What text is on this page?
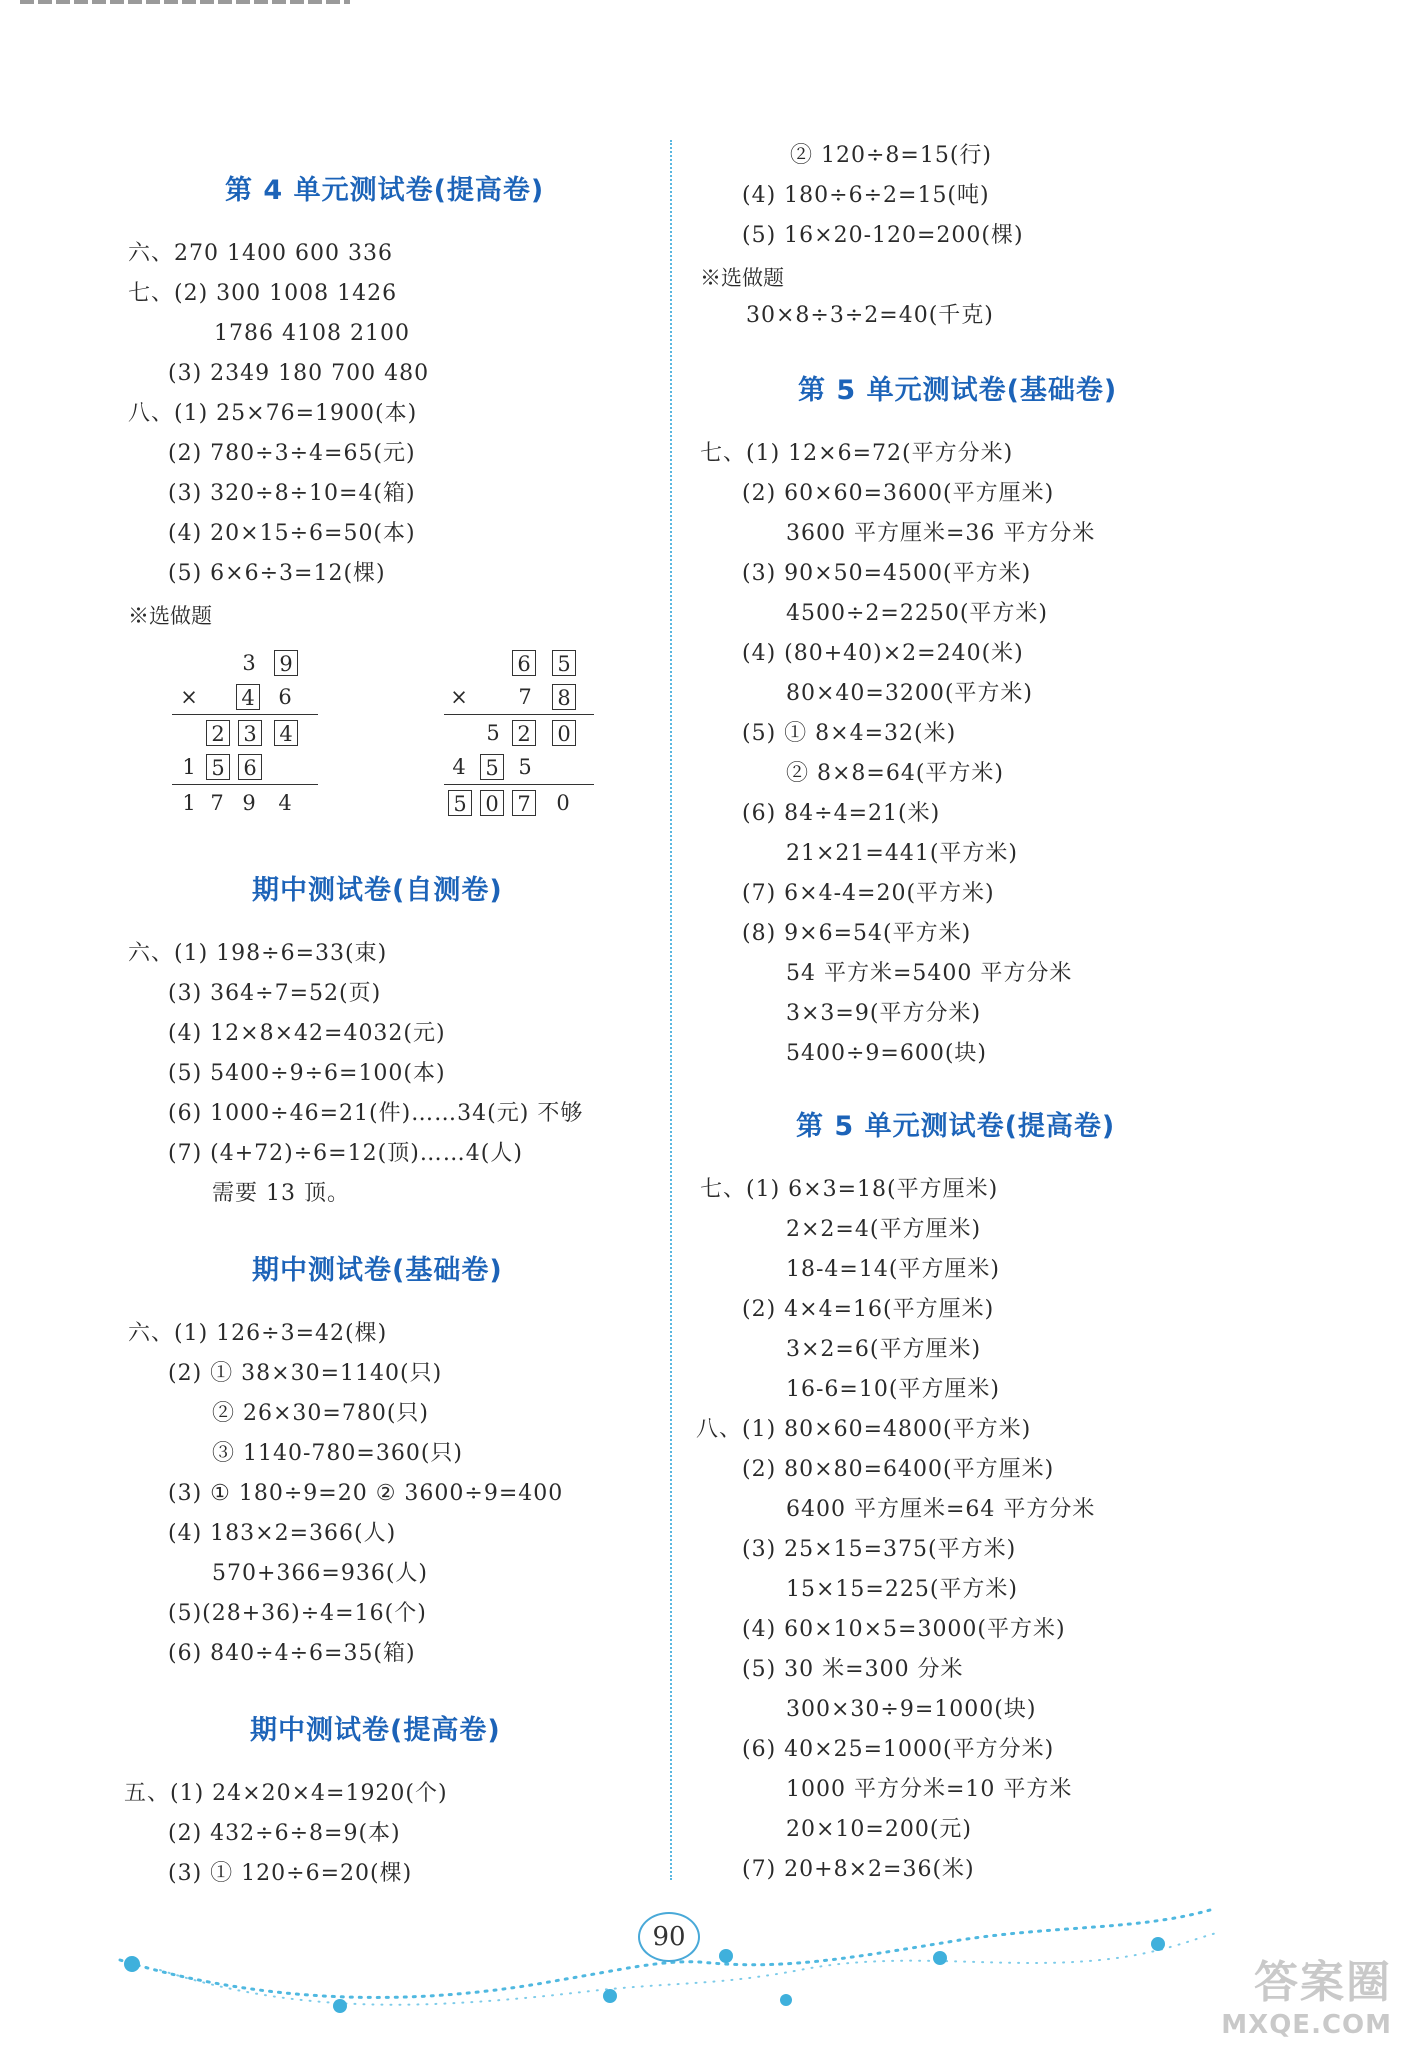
第 4 单元测试卷(提高卷)
六、270 1400 600 336
七、(2) 300 1008 1426
1786 4108 2100
(3) 2349 180 700 480
八、(1) 25×76=1900(本)
(2) 780÷3÷4=65(元)
(3) 320÷8÷10=4(箱)
(4) 20×15÷6=50(本)
(5) 6×6÷3=12(棵)
※选做题
3 9
× 4 6
2 3 4
1 5 6
1 7 9 4
6 5
× 7 8
5 2 0
4 5 5
5 0 7 0
期中测试卷(自测卷)
六、(1) 198÷6=33(束)
(3) 364÷7=52(页)
(4) 12×8×42=4032(元)
(5) 5400÷9÷6=100(本)
(6) 1000÷46=21(件)……34(元) 不够
(7) (4+72)÷6=12(顶)……4(人)
需要 13 顶。
期中测试卷(基础卷)
六、(1) 126÷3=42(棵)
(2) ① 38×30=1140(只)
② 26×30=780(只)
③ 1140-780=360(只)
(3) ① 180÷9=20 ② 3600÷9=400
(4) 183×2=366(人)
570+366=936(人)
(5)(28+36)÷4=16(个)
(6) 840÷4÷6=35(箱)
期中测试卷(提高卷)
五、(1) 24×20×4=1920(个)
(2) 432÷6÷8=9(本)
(3) ① 120÷6=20(棵)
② 120÷8=15(行)
(4) 180÷6÷2=15(吨)
(5) 16×20-120=200(棵)
※选做题
30×8÷3÷2=40(千克)
第 5 单元测试卷(基础卷)
七、(1) 12×6=72(平方分米)
(2) 60×60=3600(平方厘米)
3600 平方厘米=36 平方分米
(3) 90×50=4500(平方米)
4500÷2=2250(平方米)
(4) (80+40)×2=240(米)
80×40=3200(平方米)
(5) ① 8×4=32(米)
② 8×8=64(平方米)
(6) 84÷4=21(米)
21×21=441(平方米)
(7) 6×4-4=20(平方米)
(8) 9×6=54(平方米)
54 平方米=5400 平方分米
3×3=9(平方分米)
5400÷9=600(块)
第 5 单元测试卷(提高卷)
七、(1) 6×3=18(平方厘米)
2×2=4(平方厘米)
18-4=14(平方厘米)
(2) 4×4=16(平方厘米)
3×2=6(平方厘米)
16-6=10(平方厘米)
八、(1) 80×60=4800(平方米)
(2) 80×80=6400(平方厘米)
6400 平方厘米=64 平方分米
(3) 25×15=375(平方米)
15×15=225(平方米)
(4) 60×10×5=3000(平方米)
(5) 30 米=300 分米
300×30÷9=1000(块)
(6) 40×25=1000(平方分米)
1000 平方分米=10 平方米
20×10=200(元)
(7) 20+8×2=36(米)
90
答案圈
MXQE.COM
